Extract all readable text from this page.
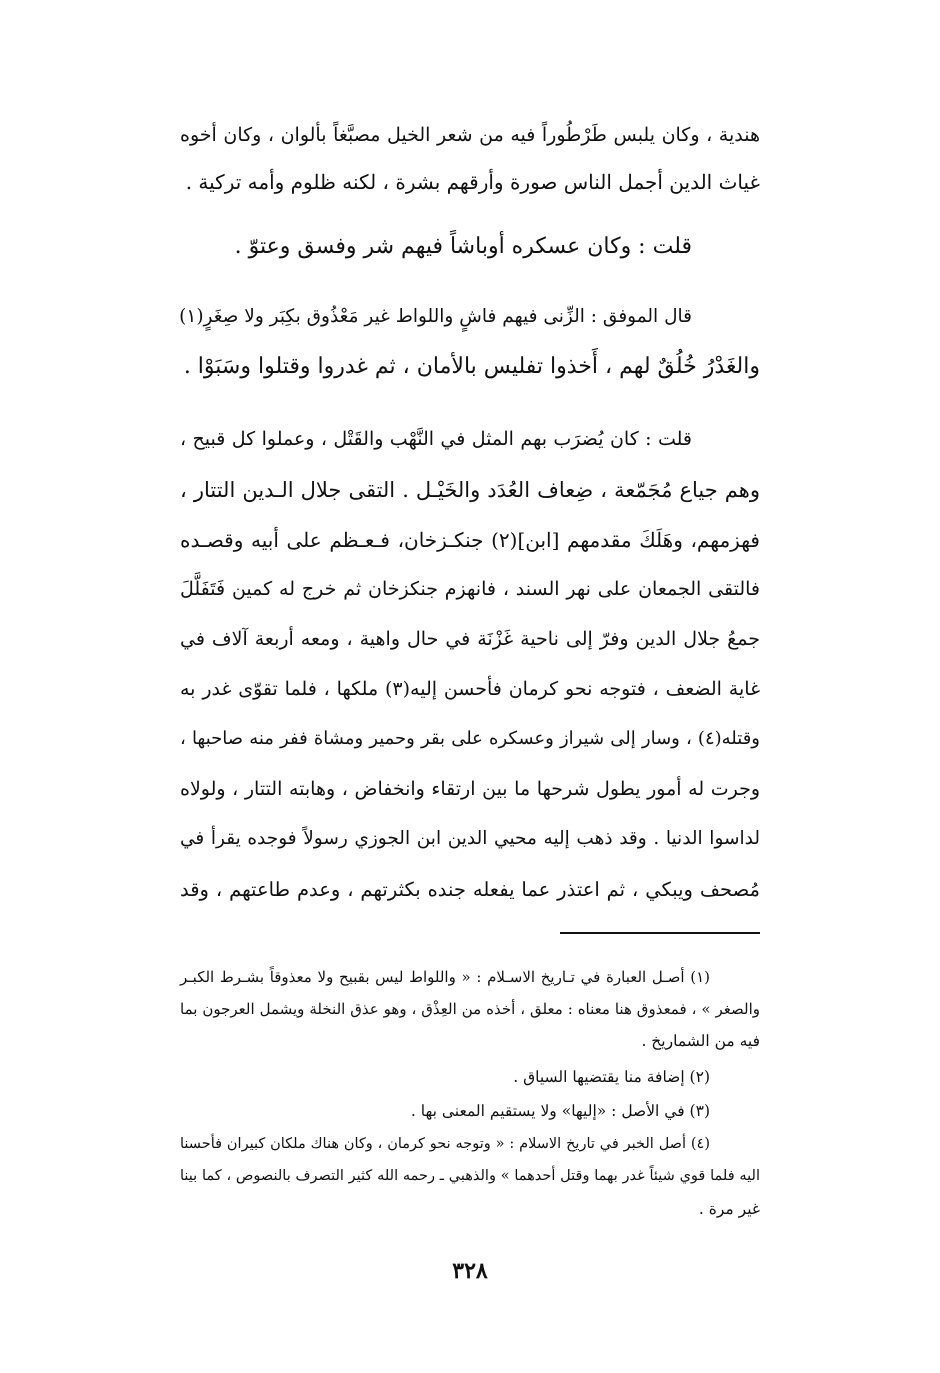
هندية ، وكان يلبس طَرْطُوراً فيه من شعر الخيل مصبَّغاً بألوان ، وكان أخوه
غياث الدين أجمل الناس صورة وأرقهم بشرة ، لكنه ظلوم وأمه تركية .
قلت : وكان عسكره أوباشاً فيهم شر وفسق وعتوّ .
قال الموفق : الزِّنى فيهم فاشٍ واللواط غير مَعْذُوق بكِبَر ولا صِغَرٍ(١)
والغَدْرُ خُلُقٌ لهم ، أَخذوا تفليس بالأمان ، ثم غدروا وقتلوا وسَبَوْا .
قلت : كان يُضرَب بهم المثل في النَّهْب والقَتْل ، وعملوا كل قبيح ،
وهم جياع مُجَمّعة ، ضِعاف العُدَد والخَيْـل . التقى جلال الـدين التتار ،
فهزمهم، وهَلَكَ مقدمهم [ابن](٢) جنكـزخان، فـعـظم على أبيه وقصـده
فالتقى الجمعان على نهر السند ، فانهزم جنكزخان ثم خرج له كمين فَتَفَلَّلَ
جمعُ جلال الدين وفرّ إلى ناحية غَزْنَة في حال واهية ، ومعه أربعة آلاف في
غاية الضعف ، فتوجه نحو كرمان فأحسن إليه(٣) ملكها ، فلما تقوّى غدر به
وقتله(٤) ، وسار إلى شيراز وعسكره على بقر وحمير ومشاة ففر منه صاحبها ،
وجرت له أمور يطول شرحها ما بين ارتقاء وانخفاض ، وهابته التتار ، ولولاه
لداسوا الدنيا . وقد ذهب إليه محيي الدين ابن الجوزي رسولاً فوجده يقرأ في
مُصحف ويبكي ، ثم اعتذر عما يفعله جنده بكثرتهم ، وعدم طاعتهم ، وقد
(١) أصـل العبارة في تـاريخ الاسـلام : « واللواط ليس بقبيح ولا معذوقاً بشـرط الكبـر
والصغر » ، فمعذوق هنا معناه : معلق ، أخذه من العِذْق ، وهو عذق النخلة ويشمل العرجون بما
فيه من الشماريخ .
(٢) إضافة منا يقتضيها السياق .
(٣) في الأصل : «إليها» ولا يستقيم المعنى بها .
(٤) أصل الخبر في تاريخ الاسلام : « وتوجه نحو كرمان ، وكان هناك ملكان كبيران فأحسنا
اليه فلما قوي شيئاً غدر بهما وقتل أحدهما » والذهبي ـ رحمه الله كثير التصرف بالنصوص ، كما بينا
غير مرة .
٣٢٨
